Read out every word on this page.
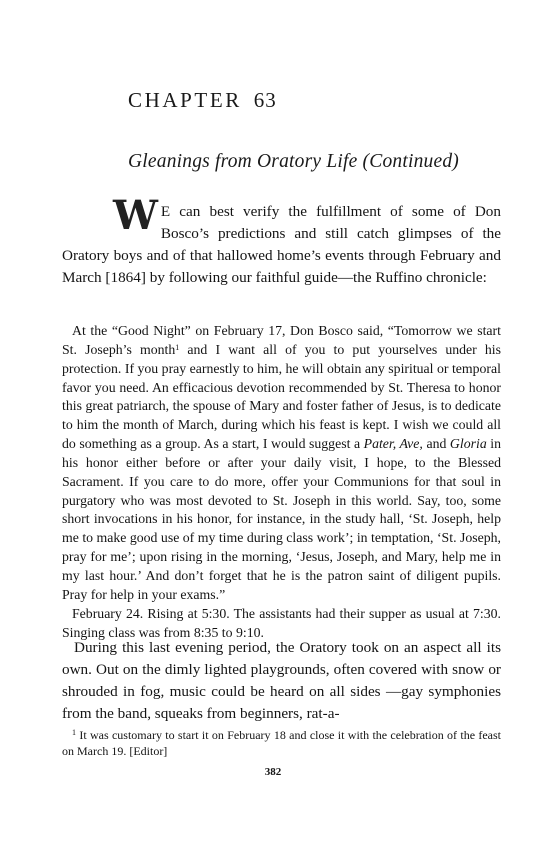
CHAPTER 63
Gleanings from Oratory Life (Continued)
W E can best verify the fulfillment of some of Don Bosco’s predictions and still catch glimpses of the Oratory boys and of that hallowed home’s events through February and March [1864] by following our faithful guide—the Ruffino chronicle:

At the “Good Night” on February 17, Don Bosco said, “Tomorrow we start St. Joseph’s month$^1$ and I want all of you to put yourselves under his protection. If you pray earnestly to him, he will obtain any spiritual or temporal favor you need. An efficacious devotion recommended by St. Theresa to honor this great patriarch, the spouse of Mary and foster father of Jesus, is to dedicate to him the month of March, during which his feast is kept. I wish we could all do something as a group. As a start, I would suggest a Pater, Ave, and Gloria in his honor either before or after your daily visit, I hope, to the Blessed Sacrament. If you care to do more, offer your Communions for that soul in purgatory who was most devoted to St. Joseph in this world. Say, too, some short invocations in his honor, for instance, in the study hall, ‘St. Joseph, help me to make good use of my time during class work’; in temptation, ‘St. Joseph, pray for me’; upon rising in the morning, ‘Jesus, Joseph, and Mary, help me in my last hour.’ And don’t forget that he is the patron saint of diligent pupils. Pray for help in your exams.”

February 24. Rising at 5:30. The assistants had their supper as usual at 7:30. Singing class was from 8:35 to 9:10.

During this last evening period, the Oratory took on an aspect all its own. Out on the dimly lighted playgrounds, often covered with snow or shrouded in fog, music could be heard on all sides —gay symphonies from the band, squeaks from beginners, rat-a-

$^1$ It was customary to start it on February 18 and close it with the celebration of the feast on March 19. [Editor]

382
